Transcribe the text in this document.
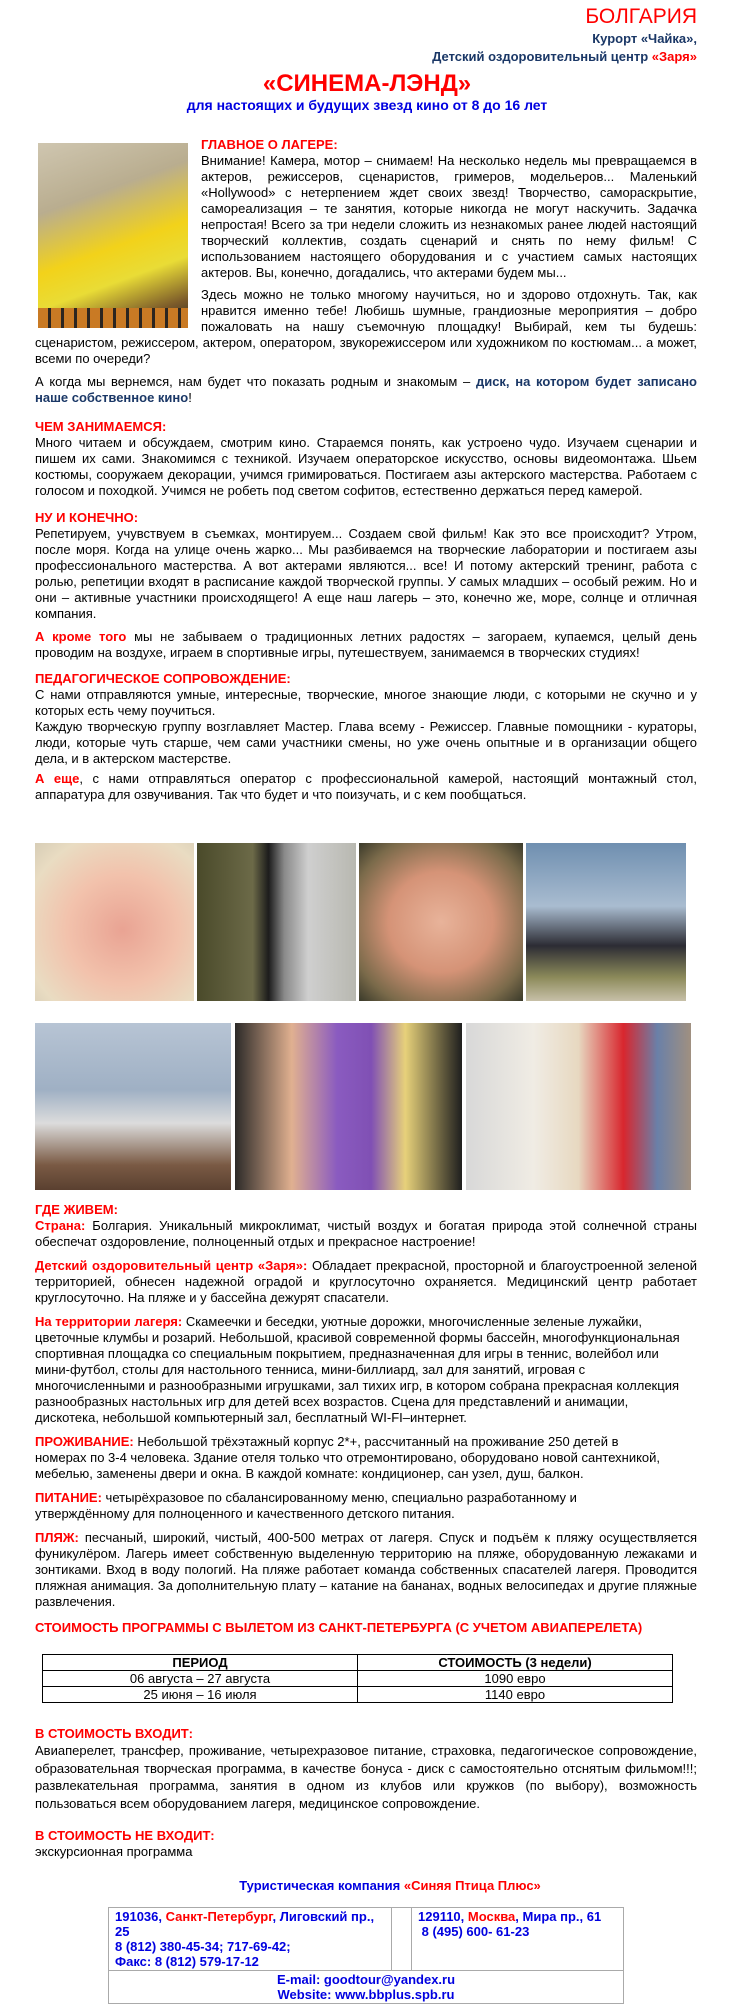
БОЛГАРИЯ
Курорт «Чайка»,
Детский оздоровительный центр «Заря»
«СИНЕМА-ЛЭНД»
для настоящих и будущих звезд кино от 8 до 16 лет
ГЛАВНОЕ О ЛАГЕРЕ:

Внимание! Камера, мотор – снимаем! На несколько недель мы превращаемся в актеров, режиссеров, сценаристов, гримеров, модельеров... Маленький «Hollywood» с нетерпением ждет своих звезд! Творчество, самораскрытие, самореализация – те занятия, которые никогда не могут наскучить. Задачка непростая! Всего за три недели сложить из незнакомых ранее людей настоящий творческий коллектив, создать сценарий и снять по нему фильм! С использованием настоящего оборудования и с участием самых настоящих актеров. Вы, конечно, догадались, что актерами будем мы...

Здесь можно не только многому научиться, но и здорово отдохнуть. Так, как нравится именно тебе! Любишь шумные, грандиозные мероприятия – добро пожаловать на нашу съемочную площадку! Выбирай, кем ты будешь: сценаристом, режиссером, актером, оператором, звукорежиссером или художником по костюмам... а может, всеми по очереди?

А когда мы вернемся, нам будет что показать родным и знакомым – диск, на котором будет записано наше собственное кино!

ЧЕМ ЗАНИМАЕМСЯ:

Много читаем и обсуждаем, смотрим кино. Стараемся понять, как устроено чудо. Изучаем сценарии и пишем их сами. Знакомимся с техникой. Изучаем операторское искусство, основы видеомонтажа. Шьем костюмы, сооружаем декорации, учимся гримироваться. Постигаем азы актерского мастерства. Работаем с голосом и походкой. Учимся не робеть под светом софитов, естественно держаться перед камерой.

НУ И КОНЕЧНО:

Репетируем, учувствуем в съемках, монтируем... Создаем свой фильм! Как это все происходит? Утром, после моря. Когда на улице очень жарко... Мы разбиваемся на творческие лаборатории и постигаем азы профессионального мастерства. А вот актерами являются... все! И потому актерский тренинг, работа с ролью, репетиции входят в расписание каждой творческой группы. У самых младших – особый режим. Но и они – активные участники происходящего! А еще наш лагерь – это, конечно же, море, солнце и отличная компания.

А кроме того мы не забываем о традиционных летних радостях – загораем, купаемся, целый день проводим на воздухе, играем в спортивные игры, путешествуем, занимаемся в творческих студиях!

ПЕДАГОГИЧЕСКОЕ СОПРОВОЖДЕНИЕ:

С нами отправляются умные, интересные, творческие, многое знающие люди, с которыми не скучно и у которых есть чему поучиться.

Каждую творческую группу возглавляет Мастер. Глава всему - Режиссер. Главные помощники - кураторы, люди, которые чуть старше, чем сами участники смены, но уже очень опытные и в организации общего дела, и в актерском мастерстве.

А еще, с нами отправляться оператор с профессиональной камерой, настоящий монтажный стол, аппаратура для озвучивания. Так что будет и что поизучать, и с кем пообщаться.

ГДЕ ЖИВЕМ:

Страна: Болгария. Уникальный микроклимат, чистый воздух и богатая природа этой солнечной страны обеспечат оздоровление, полноценный отдых и прекрасное настроение!

Детский оздоровительный центр «Заря»: Обладает прекрасной, просторной и благоустроенной зеленой территорией, обнесен надежной оградой и круглосуточно охраняется. Медицинский центр работает круглосуточно. На пляже и у бассейна дежурят спасатели.

На территории лагеря: Скамеечки и беседки, уютные дорожки, многочисленные зеленые лужайки, цветочные клумбы и розарий. Небольшой, красивой современной формы бассейн, многофункциональная спортивная площадка со специальным покрытием, предназначенная для игры в теннис, волейбол или мини-футбол, столы для настольного тенниса, мини-биллиард, зал для занятий, игровая с многочисленными и разнообразными игрушками, зал тихих игр, в котором собрана прекрасная коллекция разнообразных настольных игр для детей всех возрастов. Сцена для представлений и анимации, дискотека, небольшой компьютерный зал, бесплатный WI-FI–интернет.

ПРОЖИВАНИЕ: Небольшой трёхэтажный корпус 2*+, рассчитанный на проживание 250 детей в номерах по 3-4 человека. Здание отеля только что отремонтировано, оборудовано новой сантехникой, мебелью, заменены двери и окна. В каждой комнате: кондиционер, сан узел, душ, балкон.

ПИТАНИЕ: четырёхразовое по сбалансированному меню, специально разработанному и утверждённому для полноценного и качественного детского питания.

ПЛЯЖ: песчаный, широкий, чистый, 400-500 метрах от лагеря. Спуск и подъём к пляжу осуществляется фуникулёром. Лагерь имеет собственную выделенную территорию на пляже, оборудованную лежаками и зонтиками. Вход в воду пологий. На пляже работает команда собственных спасателей лагеря. Проводится пляжная анимация. За дополнительную плату – катание на бананах, водных велосипедах и другие пляжные развлечения.

СТОИМОСТЬ ПРОГРАММЫ С ВЫЛЕТОМ ИЗ САНКТ-ПЕТЕРБУРГА (С УЧЕТОМ АВИАПЕРЕЛЕТА)
ПЕРИОД	СТОИМОСТЬ (3 недели)
06 августа – 27 августа	1090 евро
25 июня – 16 июля	1140 евро
В СТОИМОСТЬ ВХОДИТ:

Авиаперелет, трансфер, проживание, четырехразовое питание, страховка, педагогическое сопровождение, образовательная творческая программа, в качестве бонуса - диск с самостоятельно отснятым фильмом!!!; развлекательная программа, занятия в одном из клубов или кружков (по выбору), возможность пользоваться всем оборудованием лагеря, медицинское сопровождение.

В СТОИМОСТЬ НЕ ВХОДИТ:

экскурсионная программа

Туристическая компания «Синяя Птица Плюс»
191036, Санкт-Петербург, Лиговский пр., 25
8 (812) 380-45-34; 717-69-42;
Факс: 8 (812) 579-17-12

129110, Москва, Мира пр., 61
8 (495) 600- 61-23

E-mail: goodtour@yandex.ru
Website: www.bbplus.spb.ru
